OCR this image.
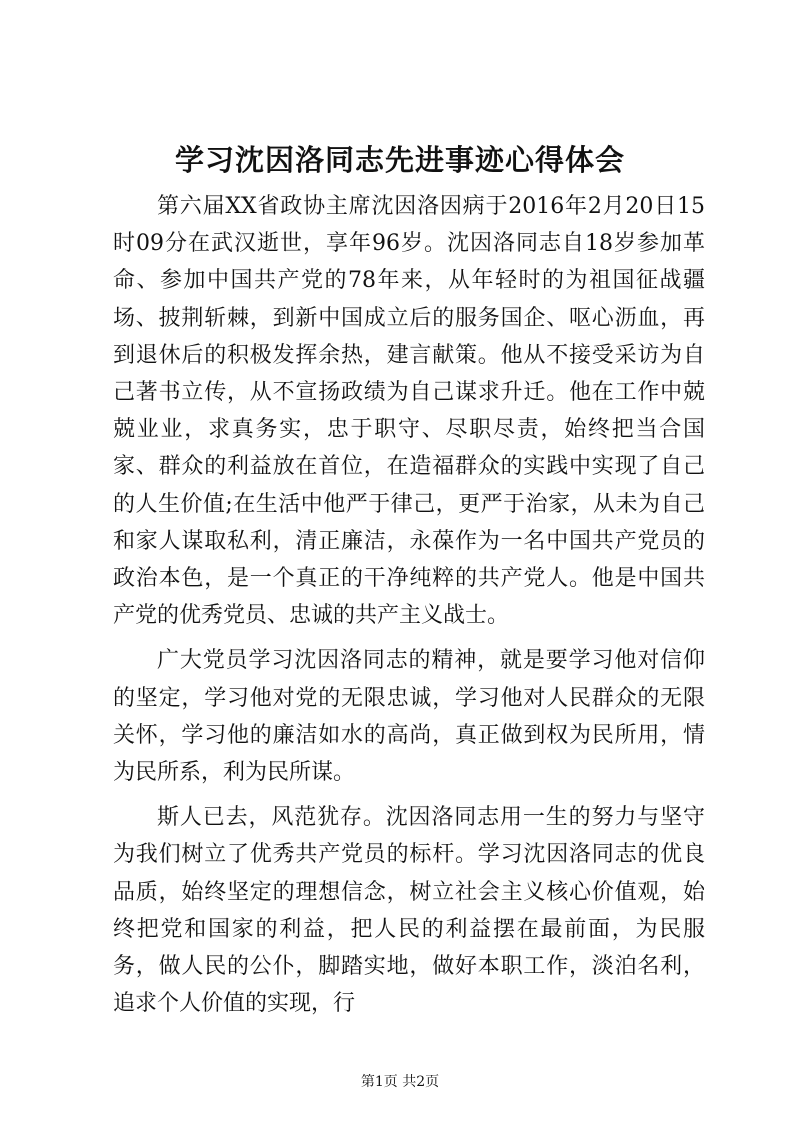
学习沈因洛同志先进事迹心得体会

第六届XX省政协主席沈因洛因病于2016年2月20日15时09分在武汉逝世，享年96岁。沈因洛同志自18岁参加革命、参加中国共产党的78年来，从年轻时的为祖国征战疆场、披荆斩棘，到新中国成立后的服务国企、呕心沥血，再到退休后的积极发挥余热，建言献策。他从不接受采访为自己著书立传，从不宣扬政绩为自己谋求升迁。他在工作中兢兢业业，求真务实，忠于职守、尽职尽责，始终把当合国家、群众的利益放在首位，在造福群众的实践中实现了自己的人生价值;在生活中他严于律己，更严于治家，从未为自己和家人谋取私利，清正廉洁，永葆作为一名中国共产党员的政治本色，是一个真正的干净纯粹的共产党人。他是中国共产党的优秀党员、忠诚的共产主义战士。

广大党员学习沈因洛同志的精神，就是要学习他对信仰的坚定，学习他对党的无限忠诚，学习他对人民群众的无限关怀，学习他的廉洁如水的高尚，真正做到权为民所用，情为民所系，利为民所谋。

斯人已去，风范犹存。沈因洛同志用一生的努力与坚守为我们树立了优秀共产党员的标杆。学习沈因洛同志的优良品质，始终坚定的理想信念，树立社会主义核心价值观，始终把党和国家的利益，把人民的利益摆在最前面，为民服务，做人民的公仆，脚踏实地，做好本职工作，淡泊名利，追求个人价值的实现，行

第1页 共2页
